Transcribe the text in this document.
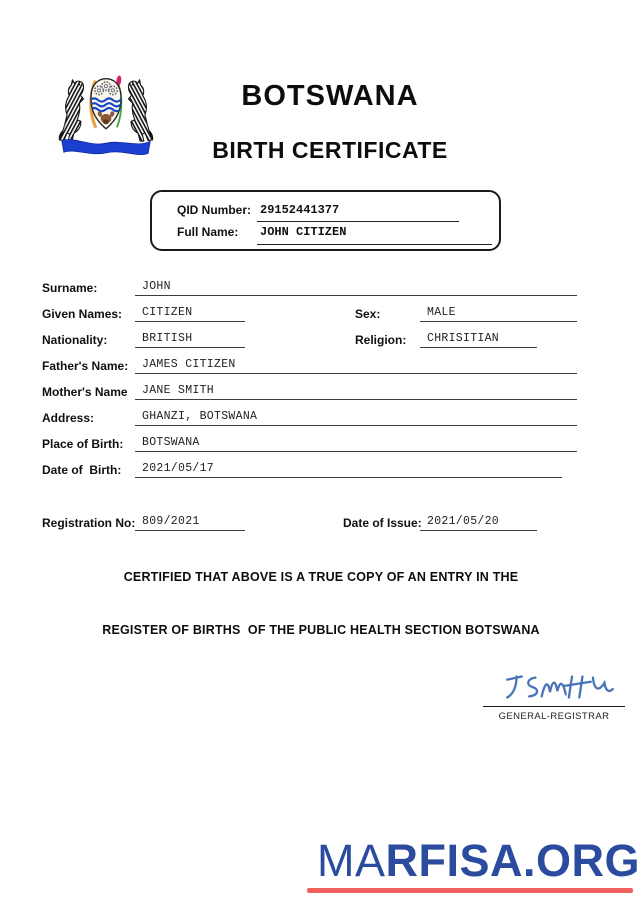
BOTSWANA
BIRTH CERTIFICATE
QID Number: 29152441377
Full Name: JOHN CITIZEN
Surname:	JOHN
Given Names:	CITIZEN	Sex:	MALE
Nationality:	BRITISH	Religion:	CHRISITIAN
Father's Name:	JAMES CITIZEN
Mother's Name	JANE SMITH
Address:	GHANZI, BOTSWANA
Place of Birth:	BOTSWANA
Date of  Birth:	2021/05/17
Registration No: 809/2021	Date of Issue: 2021/05/20
CERTIFIED THAT ABOVE IS A TRUE COPY OF AN ENTRY IN THE
REGISTER OF BIRTHS  OF THE PUBLIC HEALTH SECTION BOTSWANA
GENERAL-REGISTRAR
MARFISA.ORG
